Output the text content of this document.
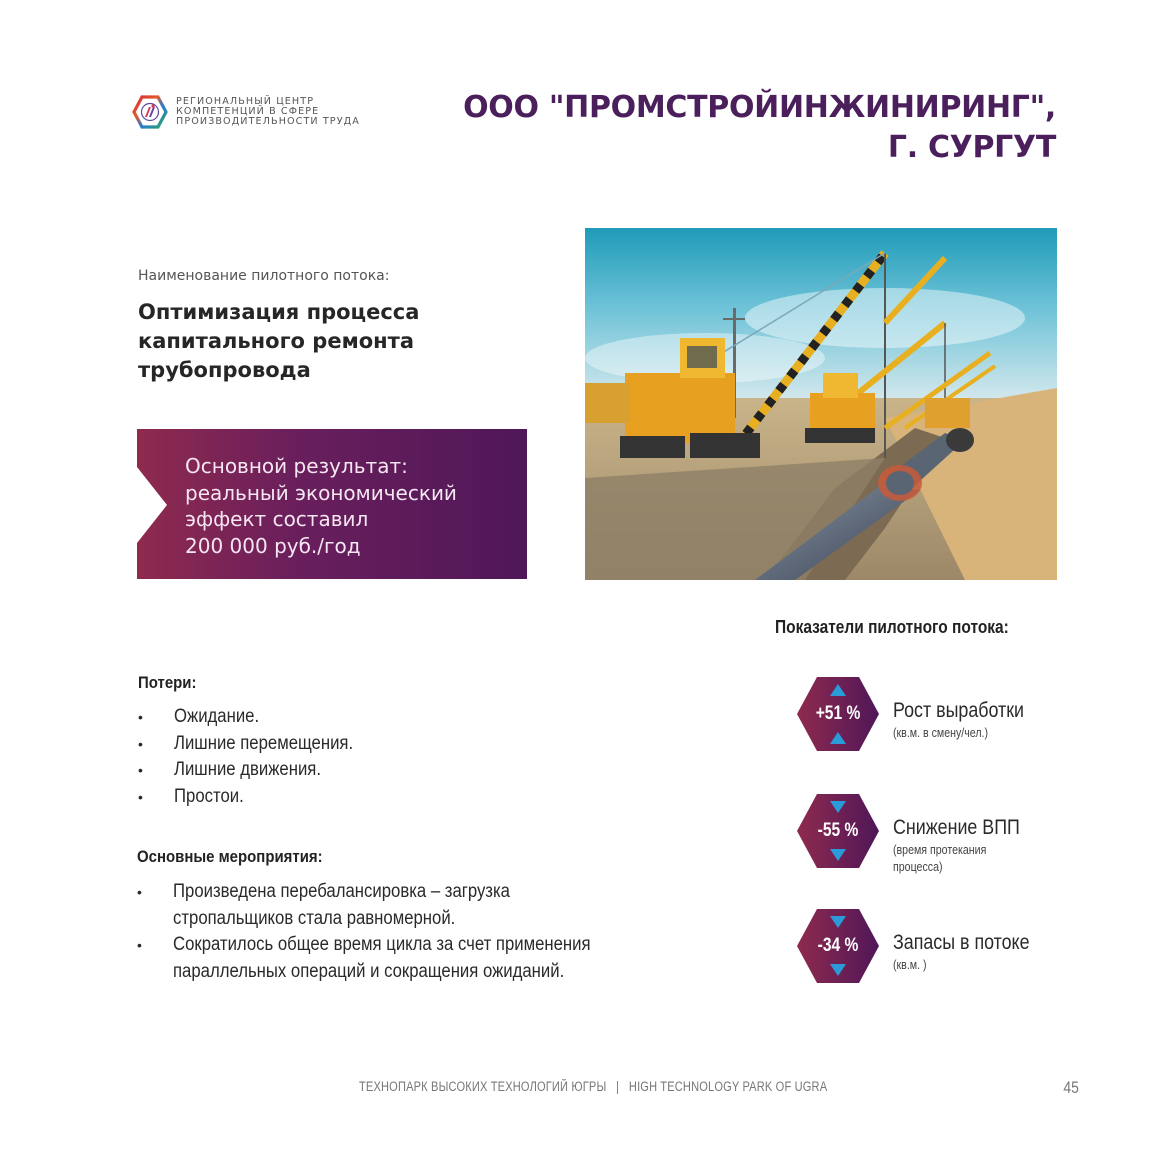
РЕГИОНАЛЬНЫЙ ЦЕНТР
КОМПЕТЕНЦИЙ В СФЕРЕ
ПРОИЗВОДИТЕЛЬНОСТИ ТРУДА	ООО "ПРОМСТРОЙИНЖИНИРИНГ",
Г. СУРГУТ
Наименование пилотного потока:
Оптимизация процесса
капитального ремонта
трубопровода
Основной результат:
реальный экономический
эффект составил
200 000 руб./год
Потери:
• Ожидание.
• Лишние перемещения.
• Лишние движения.
• Простои.
Основные мероприятия:
• Произведена перебалансировка – загрузка
стропальщиков стала равномерной.
• Сократилось общее время цикла за счет применения
параллельных операций и сокращения ожиданий.
Показатели пилотного потока:
+51 %	Рост выработки
(кв.м. в смену/чел.)
-55 %	Снижение ВПП
(время протекания
процесса)
-34 %	Запасы в потоке
(кв.м. )
ТЕХНОПАРК ВЫСОКИХ ТЕХНОЛОГИЙ ЮГРЫ   |   HIGH TECHNOLOGY PARK OF UGRA	45
